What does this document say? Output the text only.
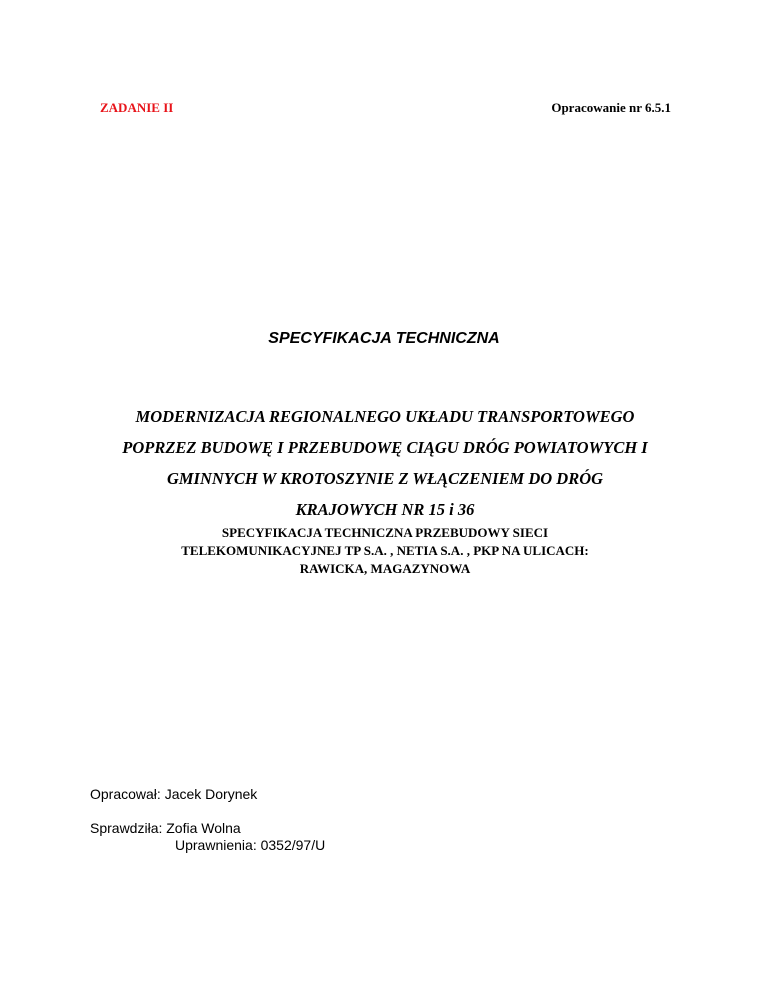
ZADANIE II	Opracowanie nr 6.5.1
SPECYFIKACJA TECHNICZNA
MODERNIZACJA REGIONALNEGO UKŁADU TRANSPORTOWEGO
POPRZEZ BUDOWĘ I PRZEBUDOWĘ CIĄGU DRÓG POWIATOWYCH I
GMINNYCH W KROTOSZYNIE Z WŁĄCZENIEM DO DRÓG
KRAJOWYCH NR 15 i 36
SPECYFIKACJA TECHNICZNA PRZEBUDOWY SIECI
TELEKOMUNIKACYJNEJ TP S.A. , NETIA S.A. , PKP NA ULICACH:
RAWICKA, MAGAZYNOWA
Opracował: Jacek Dorynek
Sprawdziła: Zofia Wolna
Uprawnienia: 0352/97/U
